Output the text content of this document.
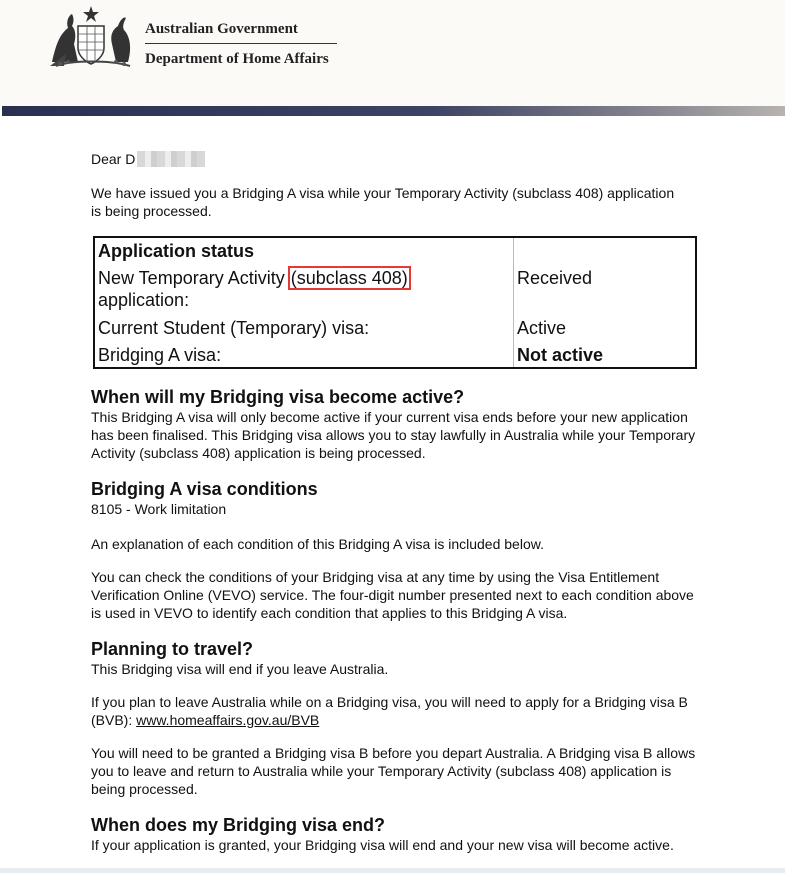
Australian Government
Department of Home Affairs

Dear D

We have issued you a Bridging A visa while your Temporary Activity (subclass 408) application is being processed.

Application status
New Temporary Activity (subclass 408)
application:
Received
Current Student (Temporary) visa:	Active
Bridging A visa:	Not active
When will my Bridging visa become active?

This Bridging A visa will only become active if your current visa ends before your new application has been finalised. This Bridging visa allows you to stay lawfully in Australia while your Temporary Activity (subclass 408) application is being processed.

Bridging A visa conditions

8105 - Work limitation

An explanation of each condition of this Bridging A visa is included below.

You can check the conditions of your Bridging visa at any time by using the Visa Entitlement Verification Online (VEVO) service. The four-digit number presented next to each condition above is used in VEVO to identify each condition that applies to this Bridging A visa.

Planning to travel?

This Bridging visa will end if you leave Australia.

If you plan to leave Australia while on a Bridging visa, you will need to apply for a Bridging visa B (BVB): www.homeaffairs.gov.au/BVB

You will need to be granted a Bridging visa B before you depart Australia. A Bridging visa B allows you to leave and return to Australia while your Temporary Activity (subclass 408) application is being processed.

When does my Bridging visa end?

If your application is granted, your Bridging visa will end and your new visa will become active.
